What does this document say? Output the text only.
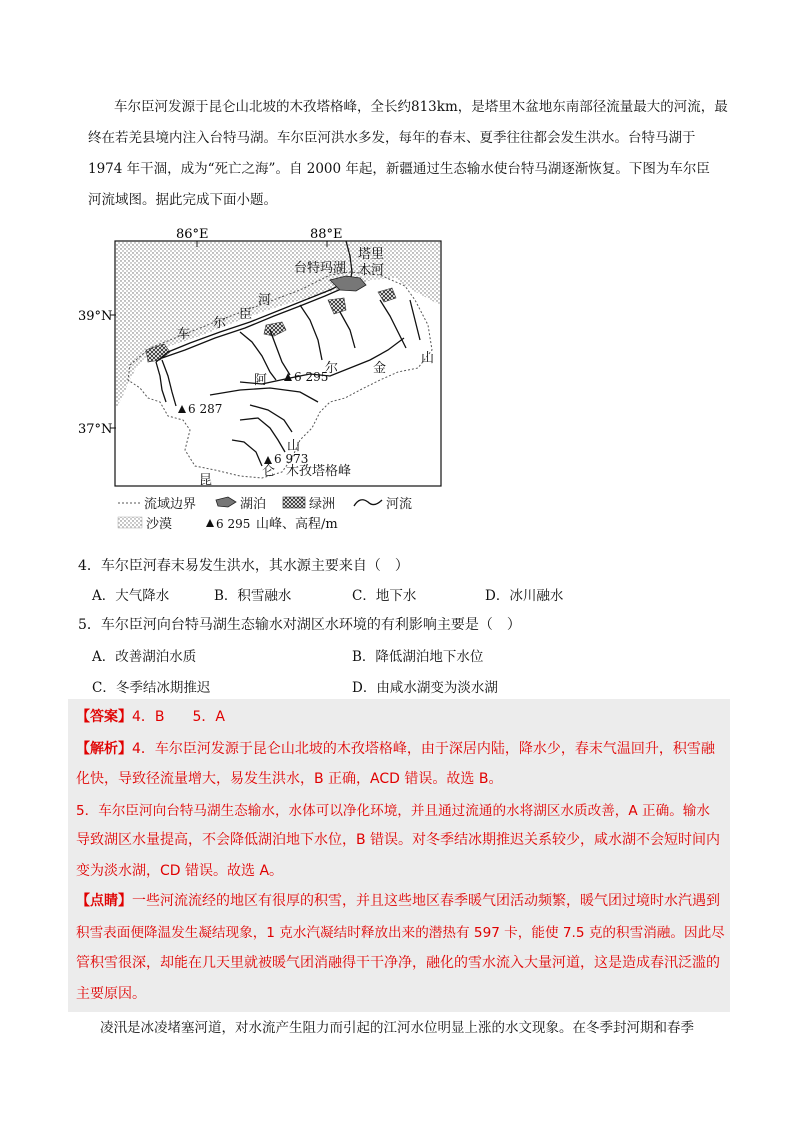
车尔臣河发源于昆仑山北坡的木孜塔格峰，全长约813km，是塔里木盆地东南部径流量最大的河流，最
终在若羌县境内注入台特马湖。车尔臣河洪水多发，每年的春末、夏季往往都会发生洪水。台特马湖于
1974 年干涸，成为“死亡之海”。自 2000 年起，新疆通过生态输水使台特马湖逐渐恢复。下图为车尔臣
河流域图。据此完成下面小题。
86°E	88°E
39°N
37°N
台特玛湖
塔里
木河
河
车
尔
臣
阿
尔	金
山
山
昆
仑 木孜塔格峰
6 295
6 287
6 973
流域边界	湖泊	绿洲	河流
沙漠	6 295 山峰、高程/m
4．车尔臣河春末易发生洪水，其水源主要来自（　）
A．大气降水	B．积雪融水	C．地下水	D．冰川融水
5．车尔臣河向台特马湖生态输水对湖区水环境的有利影响主要是（　）
A．改善湖泊水质	B．降低湖泊地下水位
C．冬季结冰期推迟	D．由咸水湖变为淡水湖
【答案】4．B　　5．A
【解析】4．车尔臣河发源于昆仑山北坡的木孜塔格峰，由于深居内陆，降水少，春末气温回升，积雪融
化快，导致径流量增大，易发生洪水，B 正确，ACD 错误。故选 B。
5．车尔臣河向台特马湖生态输水，水体可以净化环境，并且通过流通的水将湖区水质改善，A 正确。输水
导致湖区水量提高，不会降低湖泊地下水位，B 错误。对冬季结冰期推迟关系较少，咸水湖不会短时间内
变为淡水湖，CD 错误。故选 A。
【点睛】一些河流流经的地区有很厚的积雪，并且这些地区春季暖气团活动频繁，暖气团过境时水汽遇到
积雪表面便降温发生凝结现象，1 克水汽凝结时释放出来的潜热有 597 卡，能使 7.5 克的积雪消融。因此尽
管积雪很深，却能在几天里就被暖气团消融得干干净净，融化的雪水流入大量河道，这是造成春汛泛滥的
主要原因。
凌汛是冰凌堵塞河道，对水流产生阻力而引起的江河水位明显上涨的水文现象。在冬季封河期和春季
